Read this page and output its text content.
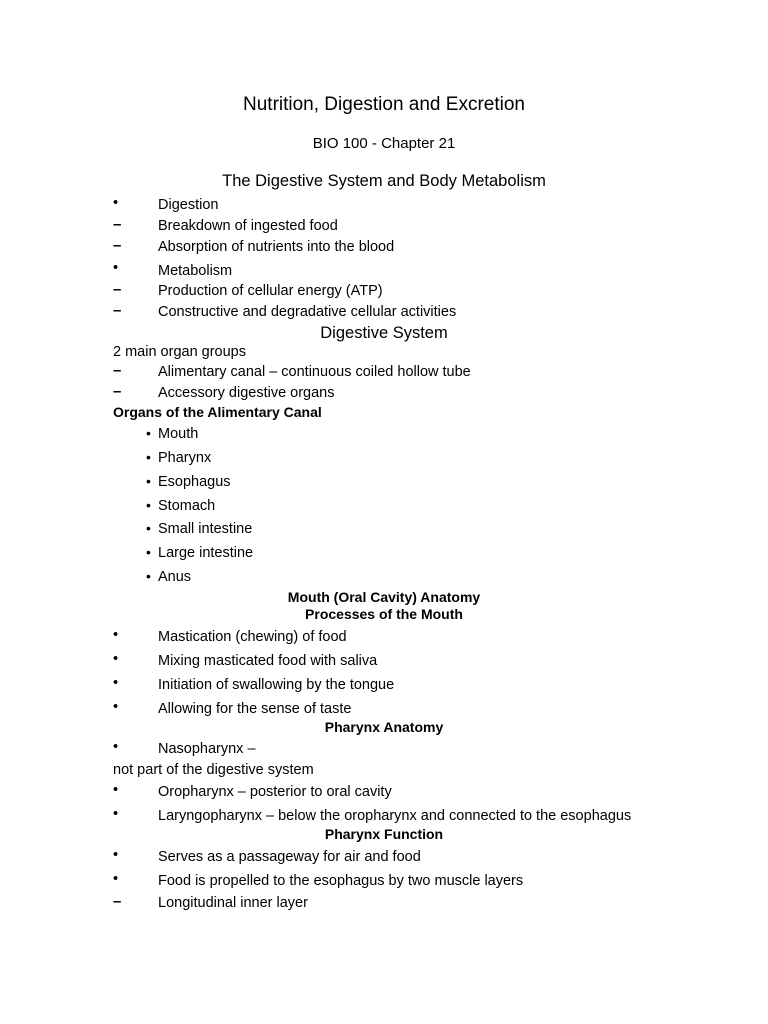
Nutrition, Digestion and Excretion
BIO 100 - Chapter 21
The Digestive System and Body Metabolism
•	Digestion
–	Breakdown of ingested food
–	Absorption of nutrients into the blood
•	Metabolism
–	Production of cellular energy (ATP)
–	Constructive and degradative cellular activities
Digestive System
2 main organ groups
–	Alimentary canal – continuous coiled hollow tube
–	Accessory digestive organs
Organs of the Alimentary Canal
• Mouth
• Pharynx
• Esophagus
• Stomach
• Small intestine
• Large intestine
• Anus
Mouth (Oral Cavity) Anatomy
Processes of the Mouth
•	Mastication (chewing) of food
•	Mixing masticated food with saliva
•	Initiation of swallowing by the tongue
•	Allowing for the sense of taste
Pharynx Anatomy
•	Nasopharynx –
not part of the digestive system
•	Oropharynx – posterior to oral cavity
•	Laryngopharynx – below the oropharynx and connected to the esophagus
Pharynx Function
•	Serves as a passageway for air and food
•	Food is propelled to the esophagus by two muscle layers
–	Longitudinal inner layer
